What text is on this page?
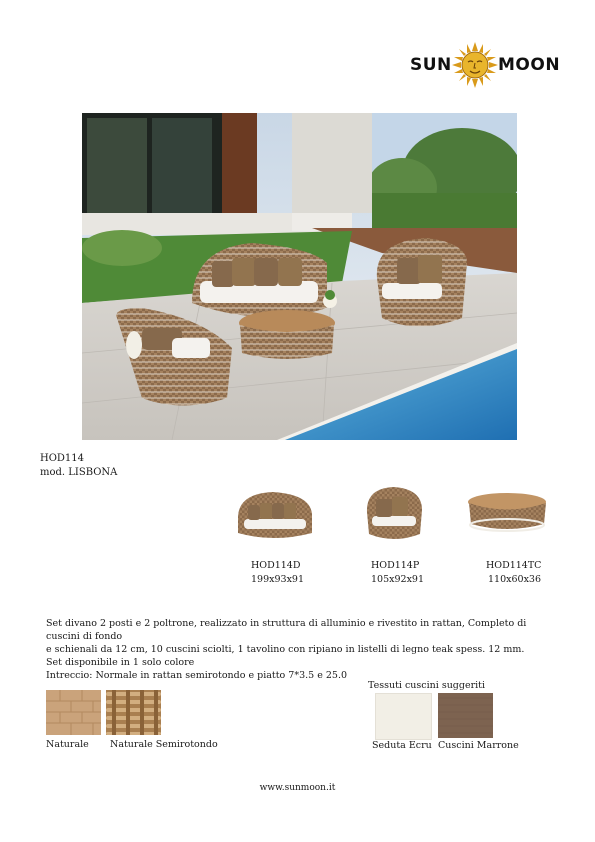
SUN	MOON
HOD114
mod. LISBONA
HOD114D
199x93x91
HOD114P
105x92x91
HOD114TC
110x60x36

Set divano 2 posti e 2 poltrone, realizzato in struttura di alluminio e rivestito in rattan, Completo di cuscini di fondo

e schienali da 12 cm, 10 cuscini sciolti, 1 tavolino con ripiano in listelli di legno teak spess. 12 mm.

Set disponibile in 1 solo colore

Intreccio: Normale in rattan semirotondo e piatto 7*3.5 e 25.0

Naturale Naturale Semirotondo
Tessuti cuscini suggeriti
Seduta Ecru Cuscini Marrone
www.sunmoon.it
